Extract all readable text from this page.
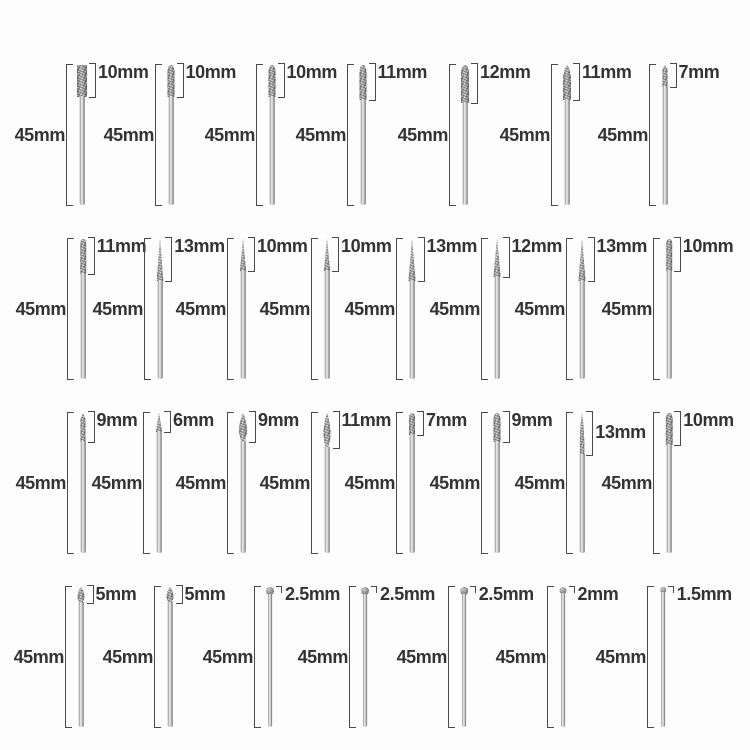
45mm
10mm
45mm
10mm
45mm
10mm
45mm
11mm
45mm
12mm
45mm
11mm
45mm
7mm
45mm
11mm
45mm
13mm
45mm
10mm
45mm
10mm
45mm
13mm
45mm
12mm
45mm
13mm
45mm
10mm
45mm
9mm
45mm
6mm
45mm
9mm
45mm
11mm
45mm
7mm
45mm
9mm
45mm
13mm
45mm
10mm
45mm
5mm
45mm
5mm
45mm
2.5mm
45mm
2.5mm
45mm
2.5mm
45mm
2mm
45mm
1.5mm
